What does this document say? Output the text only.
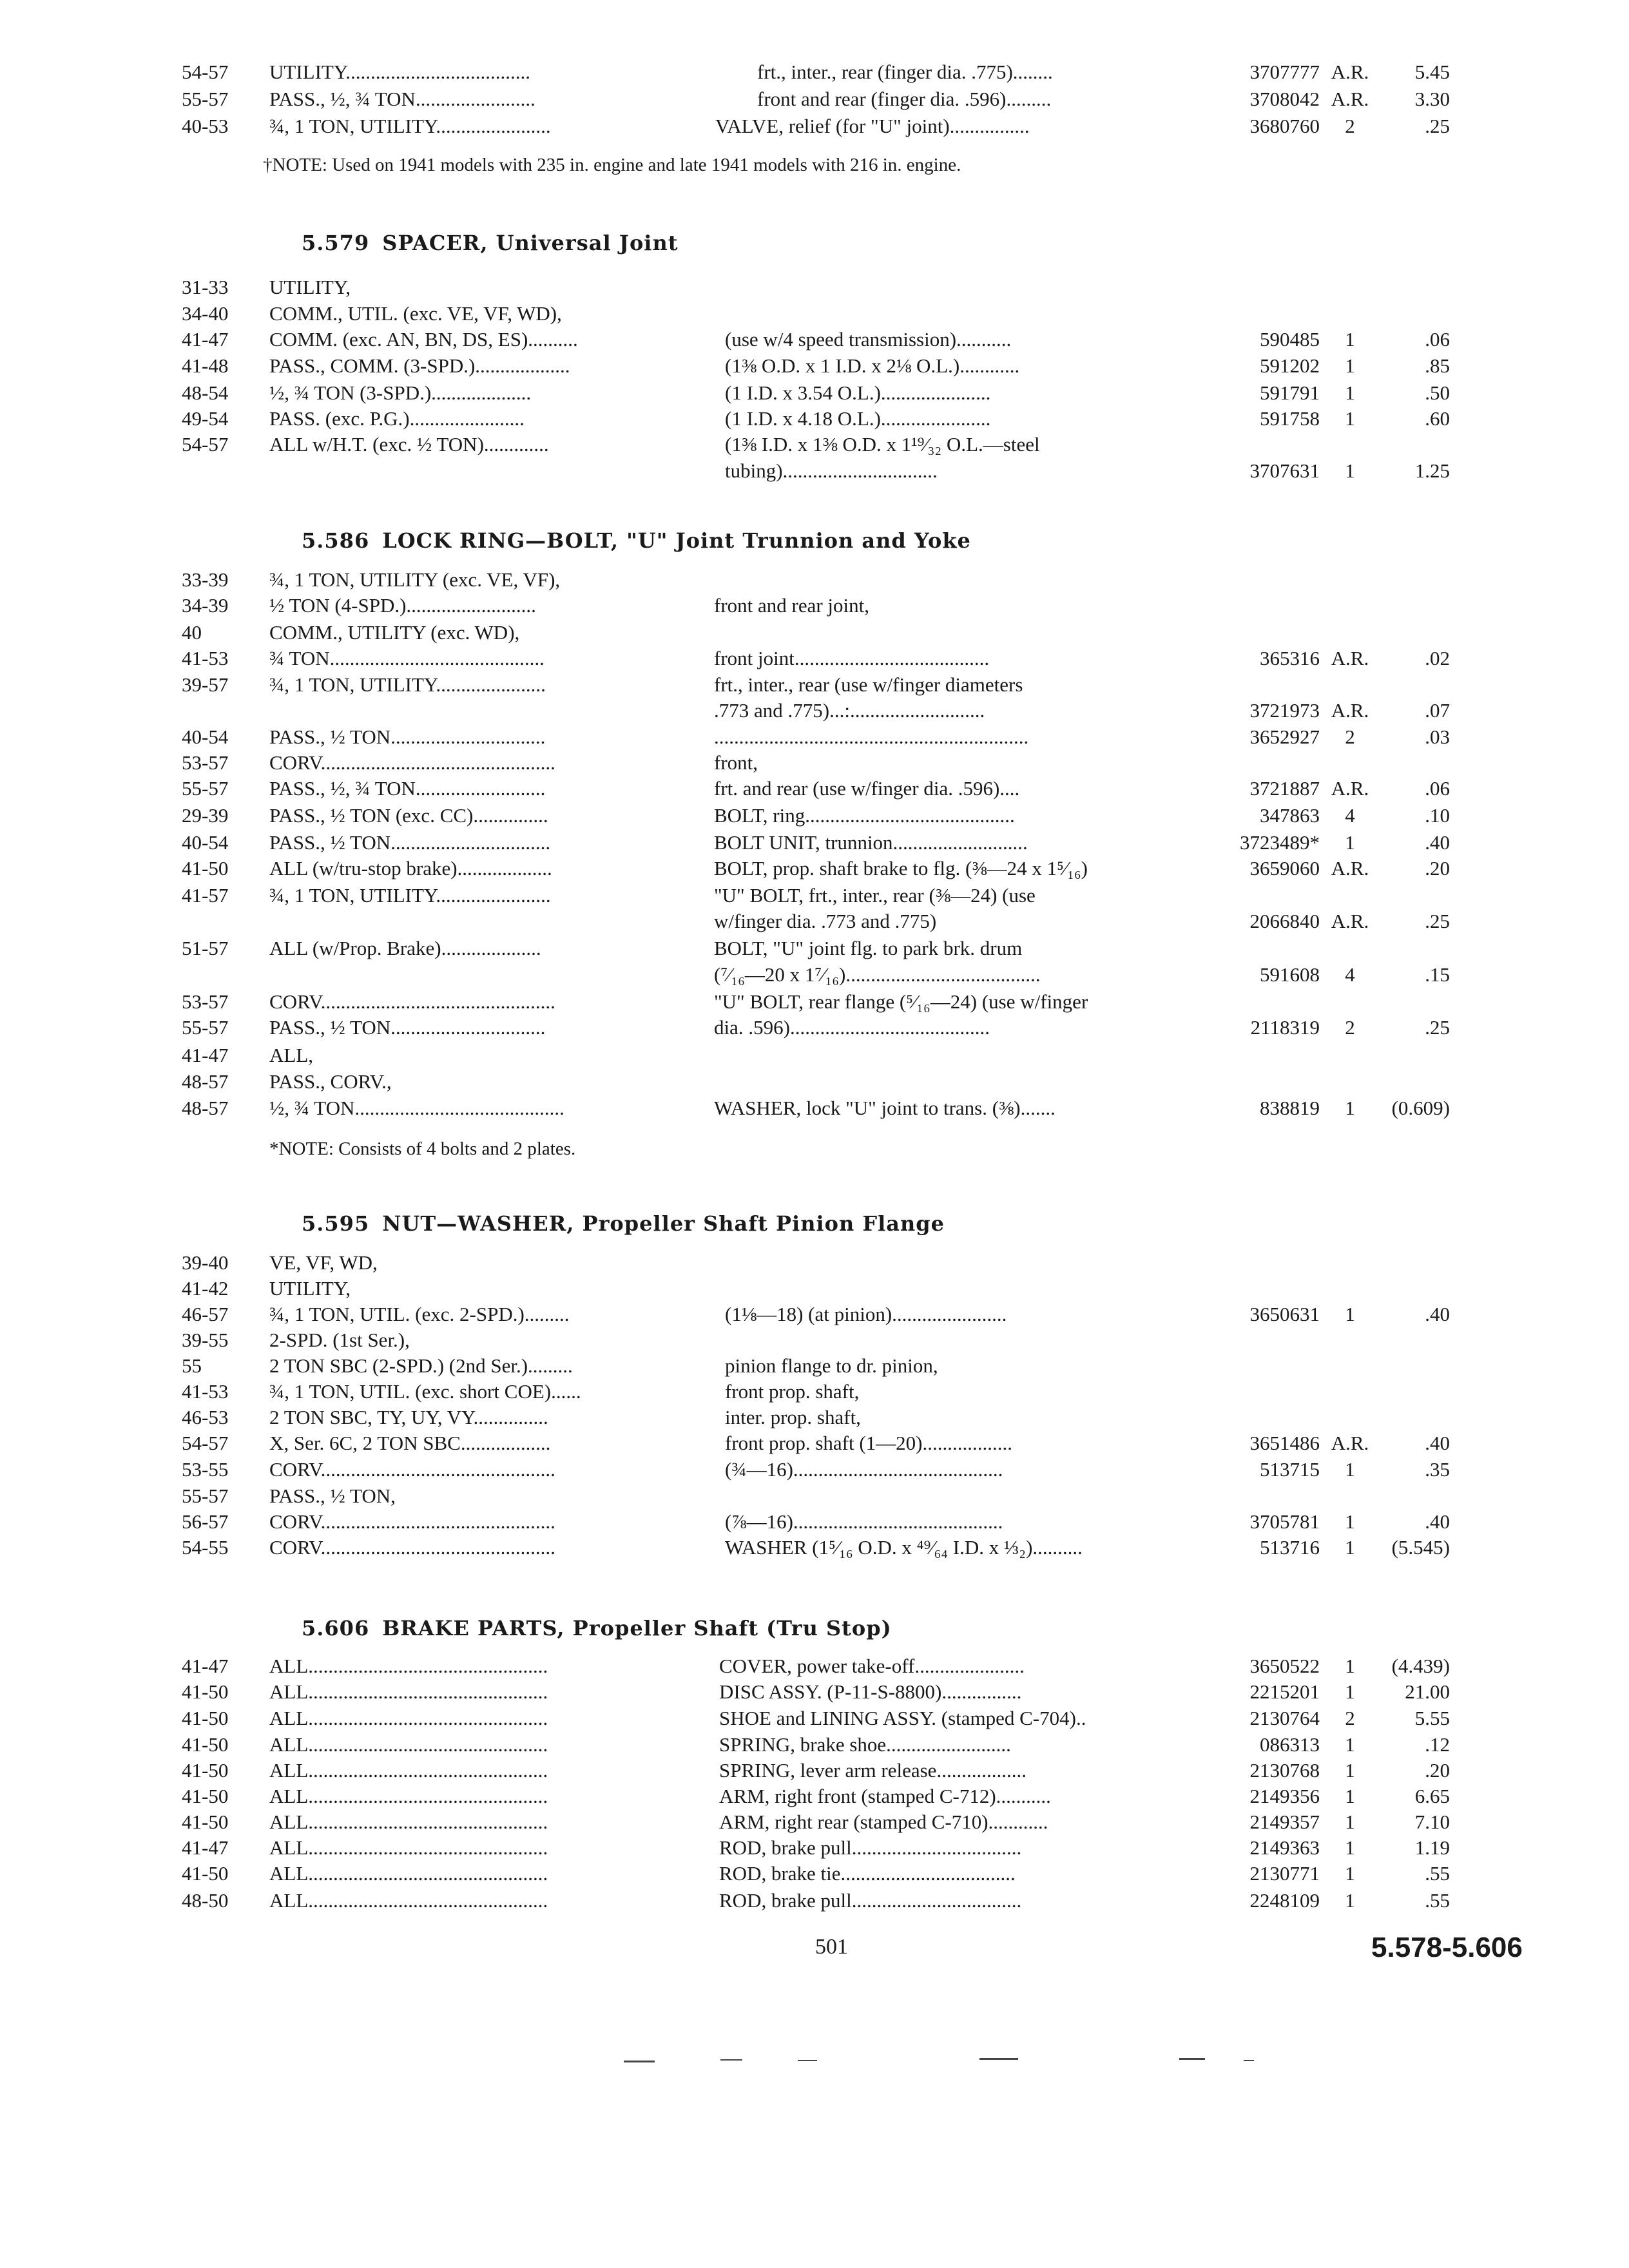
54-57	UTILITY.....................................	frt., inter., rear (finger dia. .775)........	3707777 A.R.	5.45
55-57	PASS., ½, ¾ TON........................	front and rear (finger dia. .596).........	3708042 A.R.	3.30
40-53	¾, 1 TON, UTILITY.......................	VALVE, relief (for "U" joint)................	3680760	2	.25
†NOTE: Used on 1941 models with 235 in. engine and late 1941 models with 216 in. engine.
5.579 SPACER, Universal Joint
31-33	UTILITY,
34-40	COMM., UTIL. (exc. VE, VF, WD),
41-47	COMM. (exc. AN, BN, DS, ES)..........	(use w/4 speed transmission)...........	590485	1	.06
41-48	PASS., COMM. (3-SPD.)...................	(1⅜ O.D. x 1 I.D. x 2⅛ O.L.)............	591202	1	.85
48-54	½, ¾ TON (3-SPD.)....................	(1 I.D. x 3.54 O.L.)......................	591791	1	.50
49-54	PASS. (exc. P.G.).......................	(1 I.D. x 4.18 O.L.)......................	591758	1	.60
54-57	ALL w/H.T. (exc. ½ TON).............	(1⅜ I.D. x 1⅜ O.D. x 1¹⁹⁄₃₂ O.L.—steel
tubing)...............................	3707631	1	1.25
5.586 LOCK RING—BOLT, "U" Joint Trunnion and Yoke
33-39	¾, 1 TON, UTILITY (exc. VE, VF),
34-39	½ TON (4-SPD.)..........................	front and rear joint,
40	COMM., UTILITY (exc. WD),
41-53	¾ TON...........................................	front joint.......................................	365316 A.R.	.02
39-57	¾, 1 TON, UTILITY......................	frt., inter., rear (use w/finger diameters
.773 and .775)...:...........................	3721973 A.R.	.07
40-54	PASS., ½ TON...............................	...............................................................	3652927	2	.03
53-57	CORV...............................................	front,
55-57	PASS., ½, ¾ TON..........................	frt. and rear (use w/finger dia. .596)....	3721887 A.R.	.06
29-39	PASS., ½ TON (exc. CC)...............	BOLT, ring..........................................	347863	4	.10
40-54	PASS., ½ TON................................	BOLT UNIT, trunnion...........................	3723489*	1	.40
41-50	ALL (w/tru-stop brake)...................	BOLT, prop. shaft brake to flg. (⅜—24 x 1⁵⁄₁₆)	3659060 A.R.	.20
41-57	¾, 1 TON, UTILITY.......................	"U" BOLT, frt., inter., rear (⅜—24) (use
w/finger dia. .773 and .775)	2066840 A.R.	.25
51-57	ALL (w/Prop. Brake)....................	BOLT, "U" joint flg. to park brk. drum
(⁷⁄₁₆—20 x 1⁷⁄₁₆).......................................	591608	4	.15
53-57	CORV...............................................	"U" BOLT, rear flange (⁵⁄₁₆—24) (use w/finger
55-57	PASS., ½ TON...............................	dia. .596)........................................	2118319	2	.25
41-47	ALL,
48-57	PASS., CORV.,
48-57	½, ¾ TON..........................................	WASHER, lock "U" joint to trans. (⅜).......	838819	1	(0.609)
*NOTE: Consists of 4 bolts and 2 plates.
5.595 NUT—WASHER, Propeller Shaft Pinion Flange
39-40	VE, VF, WD,
41-42	UTILITY,
46-57	¾, 1 TON, UTIL. (exc. 2-SPD.).........	(1⅛—18) (at pinion).......................	3650631	1	.40
39-55	2-SPD. (1st Ser.),
55	2 TON SBC (2-SPD.) (2nd Ser.).........	pinion flange to dr. pinion,
41-53	¾, 1 TON, UTIL. (exc. short COE)......	front prop. shaft,
46-53	2 TON SBC, TY, UY, VY...............	inter. prop. shaft,
54-57	X, Ser. 6C, 2 TON SBC..................	front prop. shaft (1—20)..................	3651486 A.R.	.40
53-55	CORV...............................................	(¾—16)..........................................	513715	1	.35
55-57	PASS., ½ TON,
56-57	CORV...............................................	(⅞—16)..........................................	3705781	1	.40
54-55	CORV...............................................	WASHER (1⁵⁄₁₆ O.D. x ⁴⁹⁄₆₄ I.D. x ⅓₂)..........	513716	1	(5.545)
5.606 BRAKE PARTS, Propeller Shaft (Tru Stop)
41-47	ALL................................................	COVER, power take-off......................	3650522	1	(4.439)
41-50	ALL................................................	DISC ASSY. (P-11-S-8800)................	2215201	1	21.00
41-50	ALL................................................	SHOE and LINING ASSY. (stamped C-704)..	2130764	2	5.55
41-50	ALL................................................	SPRING, brake shoe.........................	086313	1	.12
41-50	ALL................................................	SPRING, lever arm release..................	2130768	1	.20
41-50	ALL................................................	ARM, right front (stamped C-712)...........	2149356	1	6.65
41-50	ALL................................................	ARM, right rear (stamped C-710)............	2149357	1	7.10
41-47	ALL................................................	ROD, brake pull..................................	2149363	1	1.19
41-50	ALL................................................	ROD, brake tie...................................	2130771	1	.55
48-50	ALL................................................	ROD, brake pull..................................	2248109	1	.55
501	5.578-5.606
